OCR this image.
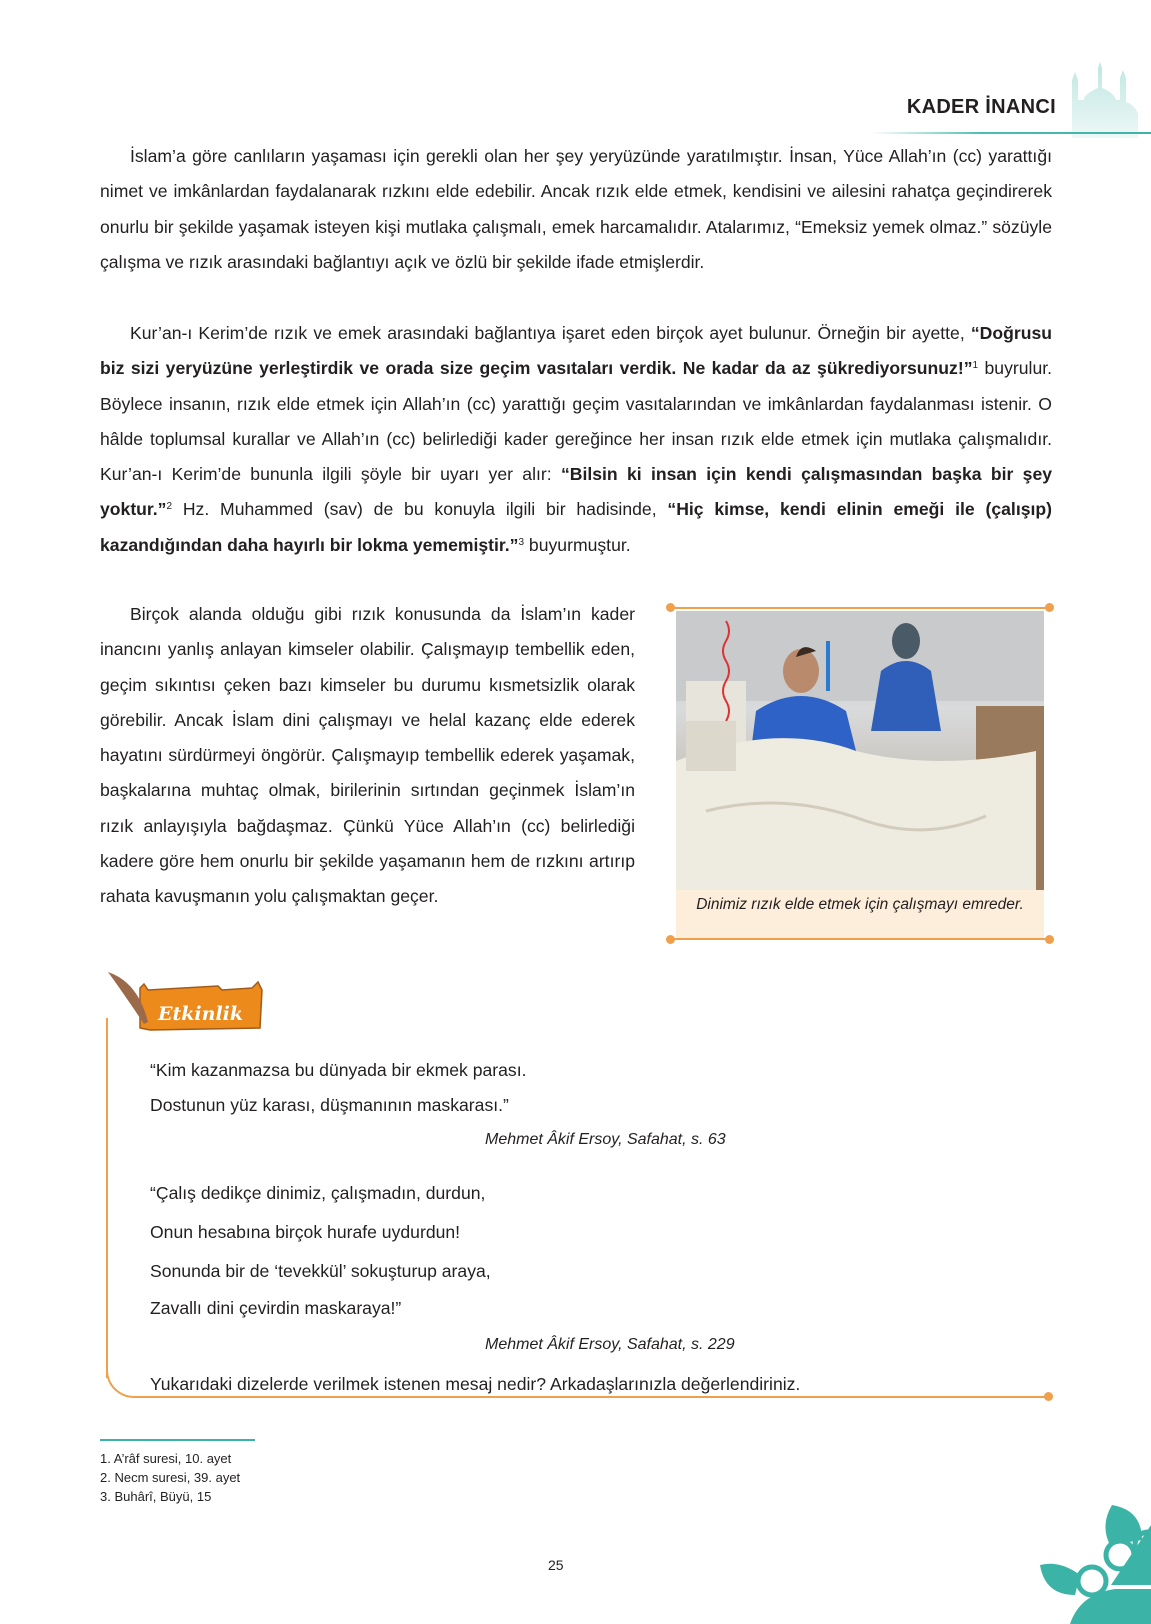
KADER İNANCI

İslam’a göre canlıların yaşaması için gerekli olan her şey yeryüzünde yaratılmıştır. İnsan, Yüce Allah’ın (cc) yarattığı nimet ve imkânlardan faydalanarak rızkını elde edebilir. Ancak rızık elde etmek, kendisini ve ailesini rahatça geçindirerek onurlu bir şekilde yaşamak isteyen kişi mutlaka çalışmalı, emek harcamalıdır. Atalarımız, “Emeksiz yemek olmaz.” sözüyle çalışma ve rızık arasındaki bağlantıyı açık ve özlü bir şekilde ifade etmişlerdir.

Kur’an-ı Kerim’de rızık ve emek arasındaki bağlantıya işaret eden birçok ayet bulunur. Örneğin bir ayette, “Doğrusu biz sizi yeryüzüne yerleştirdik ve orada size geçim vasıtaları verdik. Ne kadar da az şükrediyorsunuz!”$^1$ buyrulur. Böylece insanın, rızık elde etmek için Allah’ın (cc) yarattığı geçim vasıtalarından ve imkânlardan faydalanması istenir. O hâlde toplumsal kurallar ve Allah’ın (cc) belirlediği kader gereğince her insan rızık elde etmek için mutlaka çalışmalıdır. Kur’an-ı Kerim’de bununla ilgili şöyle bir uyarı yer alır: “Bilsin ki insan için kendi çalışmasından başka bir şey yoktur.”$^2$ Hz. Muhammed (sav) de bu konuyla ilgili bir hadisinde, “Hiç kimse, kendi elinin emeği ile (çalışıp) kazandığından daha hayırlı bir lokma yememiştir.”$^3$ buyurmuştur.

Birçok alanda olduğu gibi rızık konusunda da İslam’ın kader inancını yanlış anlayan kimseler olabilir. Çalışmayıp tembellik eden, geçim sıkıntısı çeken bazı kimseler bu durumu kısmetsizlik olarak görebilir. Ancak İslam dini çalışmayı ve helal kazanç elde ederek hayatını sürdürmeyi öngörür. Çalışmayıp tembellik ederek yaşamak, başkalarına muhtaç olmak, birilerinin sırtından geçinmek İslam’ın rızık anlayışıyla bağdaşmaz. Çünkü Yüce Allah’ın (cc) belirlediği kadere göre hem onurlu bir şekilde yaşamanın hem de rızkını artırıp rahata kavuşmanın yolu çalışmaktan geçer.	Dinimiz rızık elde etmek için çalışmayı emreder.
Etkinlik
“Kim kazanmazsa bu dünyada bir ekmek parası.
Dostunun yüz karası, düşmanının maskarası.”
Mehmet Âkif Ersoy, Safahat, s. 63
“Çalış dedikçe dinimiz, çalışmadın, durdun,
Onun hesabına birçok hurafe uydurdun!
Sonunda bir de ‘tevekkül’ sokuşturup araya,
Zavallı dini çevirdin maskaraya!”
Mehmet Âkif Ersoy, Safahat, s. 229
Yukarıdaki dizelerde verilmek istenen mesaj nedir? Arkadaşlarınızla değerlendiriniz.
1. A’râf suresi, 10. ayet
2. Necm suresi, 39. ayet
3. Buhârî, Büyü, 15
25
